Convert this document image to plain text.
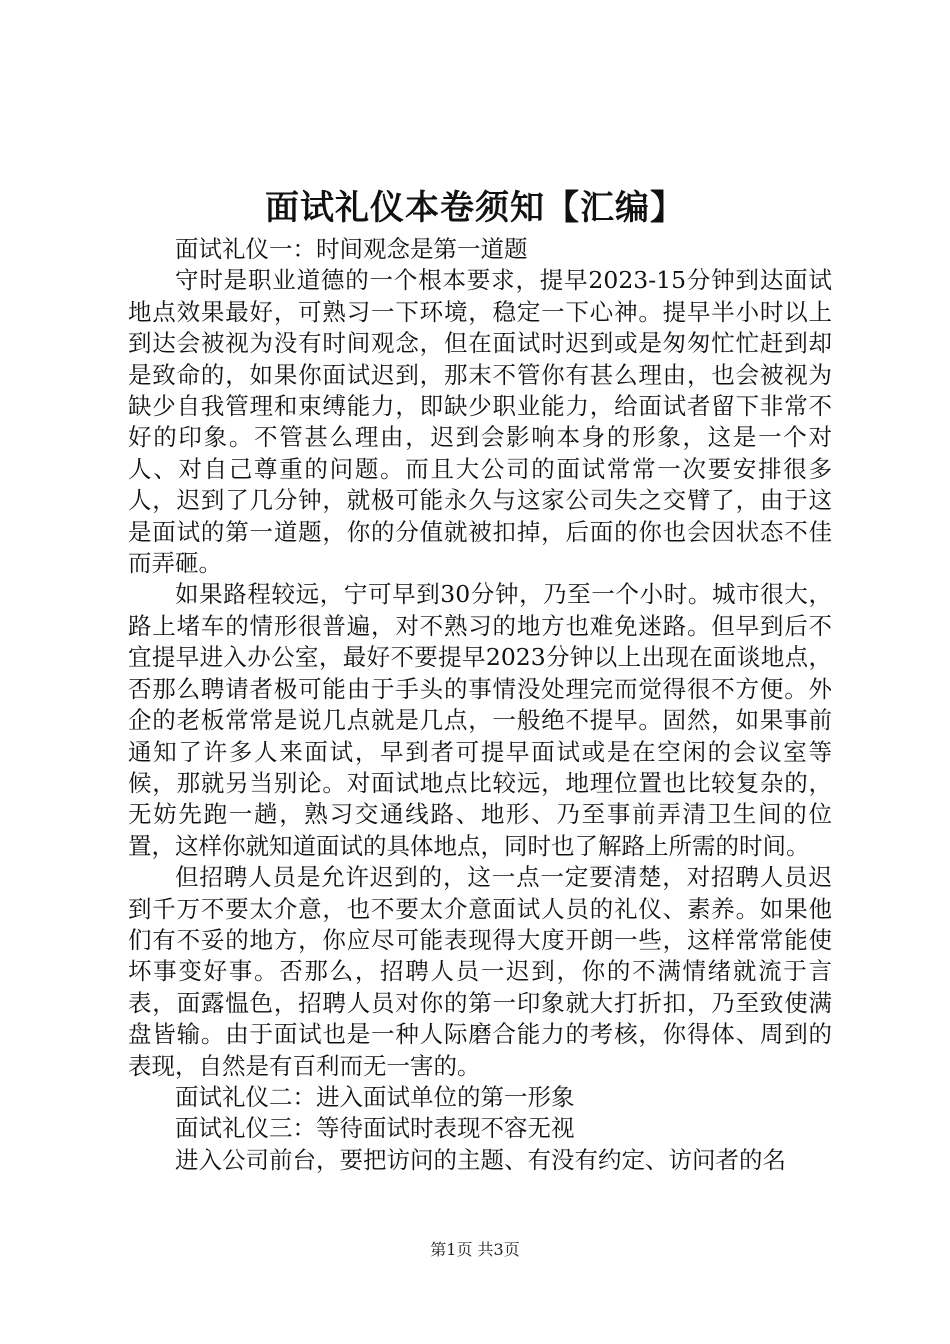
面试礼仪本卷须知【汇编】

面试礼仪一：时间观念是第一道题

守时是职业道德的一个根本要求，提早2023-15分钟到达面试地点效果最好，可熟习一下环境，稳定一下心神。提早半小时以上到达会被视为没有时间观念，但在面试时迟到或是匆匆忙忙赶到却是致命的，如果你面试迟到，那末不管你有甚么理由，也会被视为缺少自我管理和束缚能力，即缺少职业能力，给面试者留下非常不好的印象。不管甚么理由，迟到会影响本身的形象，这是一个对人、对自己尊重的问题。而且大公司的面试常常一次要安排很多人，迟到了几分钟，就极可能永久与这家公司失之交臂了，由于这是面试的第一道题，你的分值就被扣掉，后面的你也会因状态不佳而弄砸。

如果路程较远，宁可早到30分钟，乃至一个小时。城市很大，路上堵车的情形很普遍，对不熟习的地方也难免迷路。但早到后不宜提早进入办公室，最好不要提早2023分钟以上出现在面谈地点，否那么聘请者极可能由于手头的事情没处理完而觉得很不方便。外企的老板常常是说几点就是几点，一般绝不提早。固然，如果事前通知了许多人来面试，早到者可提早面试或是在空闲的会议室等候，那就另当别论。对面试地点比较远，地理位置也比较复杂的，无妨先跑一趟，熟习交通线路、地形、乃至事前弄清卫生间的位置，这样你就知道面试的具体地点，同时也了解路上所需的时间。

但招聘人员是允许迟到的，这一点一定要清楚，对招聘人员迟到千万不要太介意，也不要太介意面试人员的礼仪、素养。如果他们有不妥的地方，你应尽可能表现得大度开朗一些，这样常常能使坏事变好事。否那么，招聘人员一迟到，你的不满情绪就流于言表，面露愠色，招聘人员对你的第一印象就大打折扣，乃至致使满盘皆输。由于面试也是一种人际磨合能力的考核，你得体、周到的表现，自然是有百利而无一害的。

面试礼仪二：进入面试单位的第一形象

面试礼仪三：等待面试时表现不容无视

进入公司前台，要把访问的主题、有没有约定、访问者的名

第1页 共3页
